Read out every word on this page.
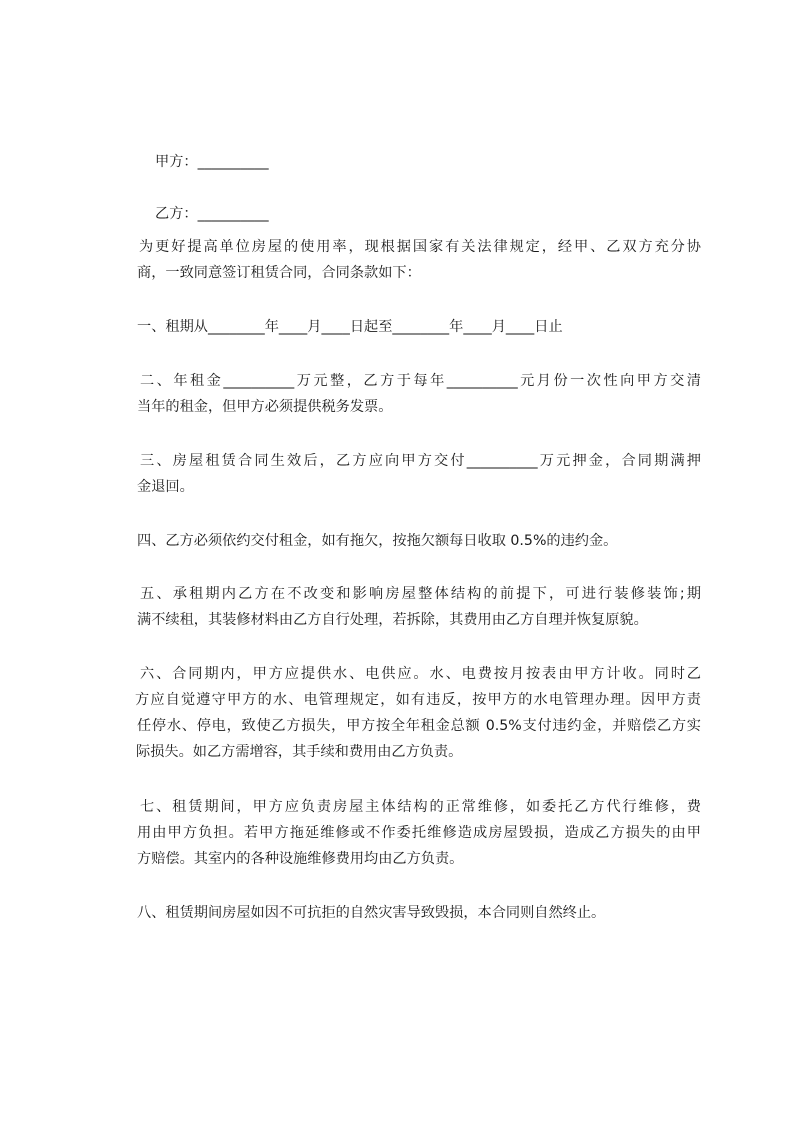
甲方：__________

乙方：__________

为更好提高单位房屋的使用率，现根据国家有关法律规定，经甲、乙双方充分协

商，一致同意签订租赁合同，合同条款如下：

一、租期从________年____月____日起至________年____月____日止

二、年租金__________万元整，乙方于每年__________元月份一次性向甲方交清

当年的租金，但甲方必须提供税务发票。

三、房屋租赁合同生效后，乙方应向甲方交付__________万元押金，合同期满押

金退回。

四、乙方必须依约交付租金，如有拖欠，按拖欠额每日收取 0.5%的违约金。

五、承租期内乙方在不改变和影响房屋整体结构的前提下，可进行装修装饰;期

满不续租，其装修材料由乙方自行处理，若拆除，其费用由乙方自理并恢复原貌。

六、合同期内，甲方应提供水、电供应。水、电费按月按表由甲方计收。同时乙

方应自觉遵守甲方的水、电管理规定，如有违反，按甲方的水电管理办理。因甲方责

任停水、停电，致使乙方损失，甲方按全年租金总额 0.5%支付违约金，并赔偿乙方实

际损失。如乙方需增容，其手续和费用由乙方负责。

七、租赁期间，甲方应负责房屋主体结构的正常维修，如委托乙方代行维修，费

用由甲方负担。若甲方拖延维修或不作委托维修造成房屋毁损，造成乙方损失的由甲

方赔偿。其室内的各种设施维修费用均由乙方负责。

八、租赁期间房屋如因不可抗拒的自然灾害导致毁损，本合同则自然终止。
